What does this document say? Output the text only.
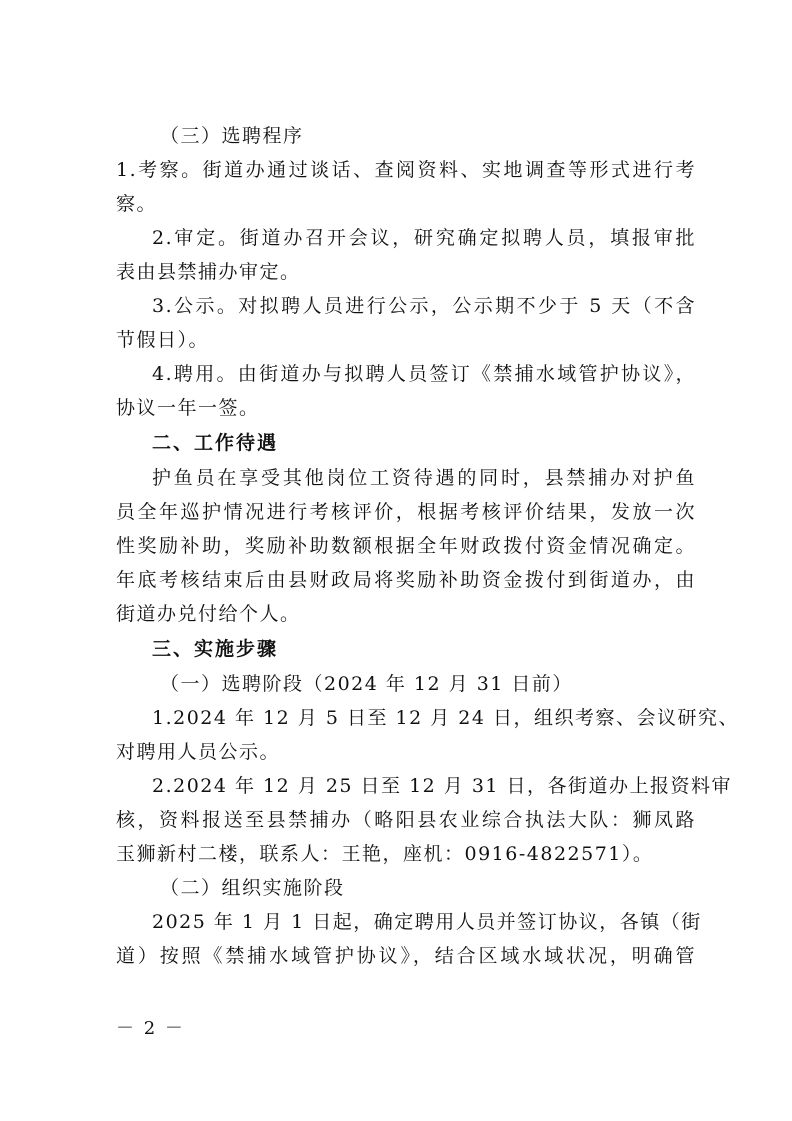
（三）选聘程序
1.考察。街道办通过谈话、查阅资料、实地调查等形式进行考
察。
2.审定。街道办召开会议，研究确定拟聘人员，填报审批
表由县禁捕办审定。
3.公示。对拟聘人员进行公示，公示期不少于 5 天（不含
节假日）。
4.聘用。由街道办与拟聘人员签订《禁捕水域管护协议》，
协议一年一签。
二、工作待遇
护鱼员在享受其他岗位工资待遇的同时，县禁捕办对护鱼
员全年巡护情况进行考核评价，根据考核评价结果，发放一次
性奖励补助，奖励补助数额根据全年财政拨付资金情况确定。
年底考核结束后由县财政局将奖励补助资金拨付到街道办，由
街道办兑付给个人。
三、实施步骤
（一）选聘阶段（2024 年 12 月 31 日前）
1.2024 年 12 月 5 日至 12 月 24 日，组织考察、会议研究、
对聘用人员公示。
2.2024 年 12 月 25 日至 12 月 31 日，各街道办上报资料审
核，资料报送至县禁捕办（略阳县农业综合执法大队：狮凤路
玉狮新村二楼，联系人：王艳，座机：0916-4822571）。
（二）组织实施阶段
2025 年 1 月 1 日起，确定聘用人员并签订协议，各镇（街
道）按照《禁捕水域管护协议》，结合区域水域状况，明确管
－ 2 －
